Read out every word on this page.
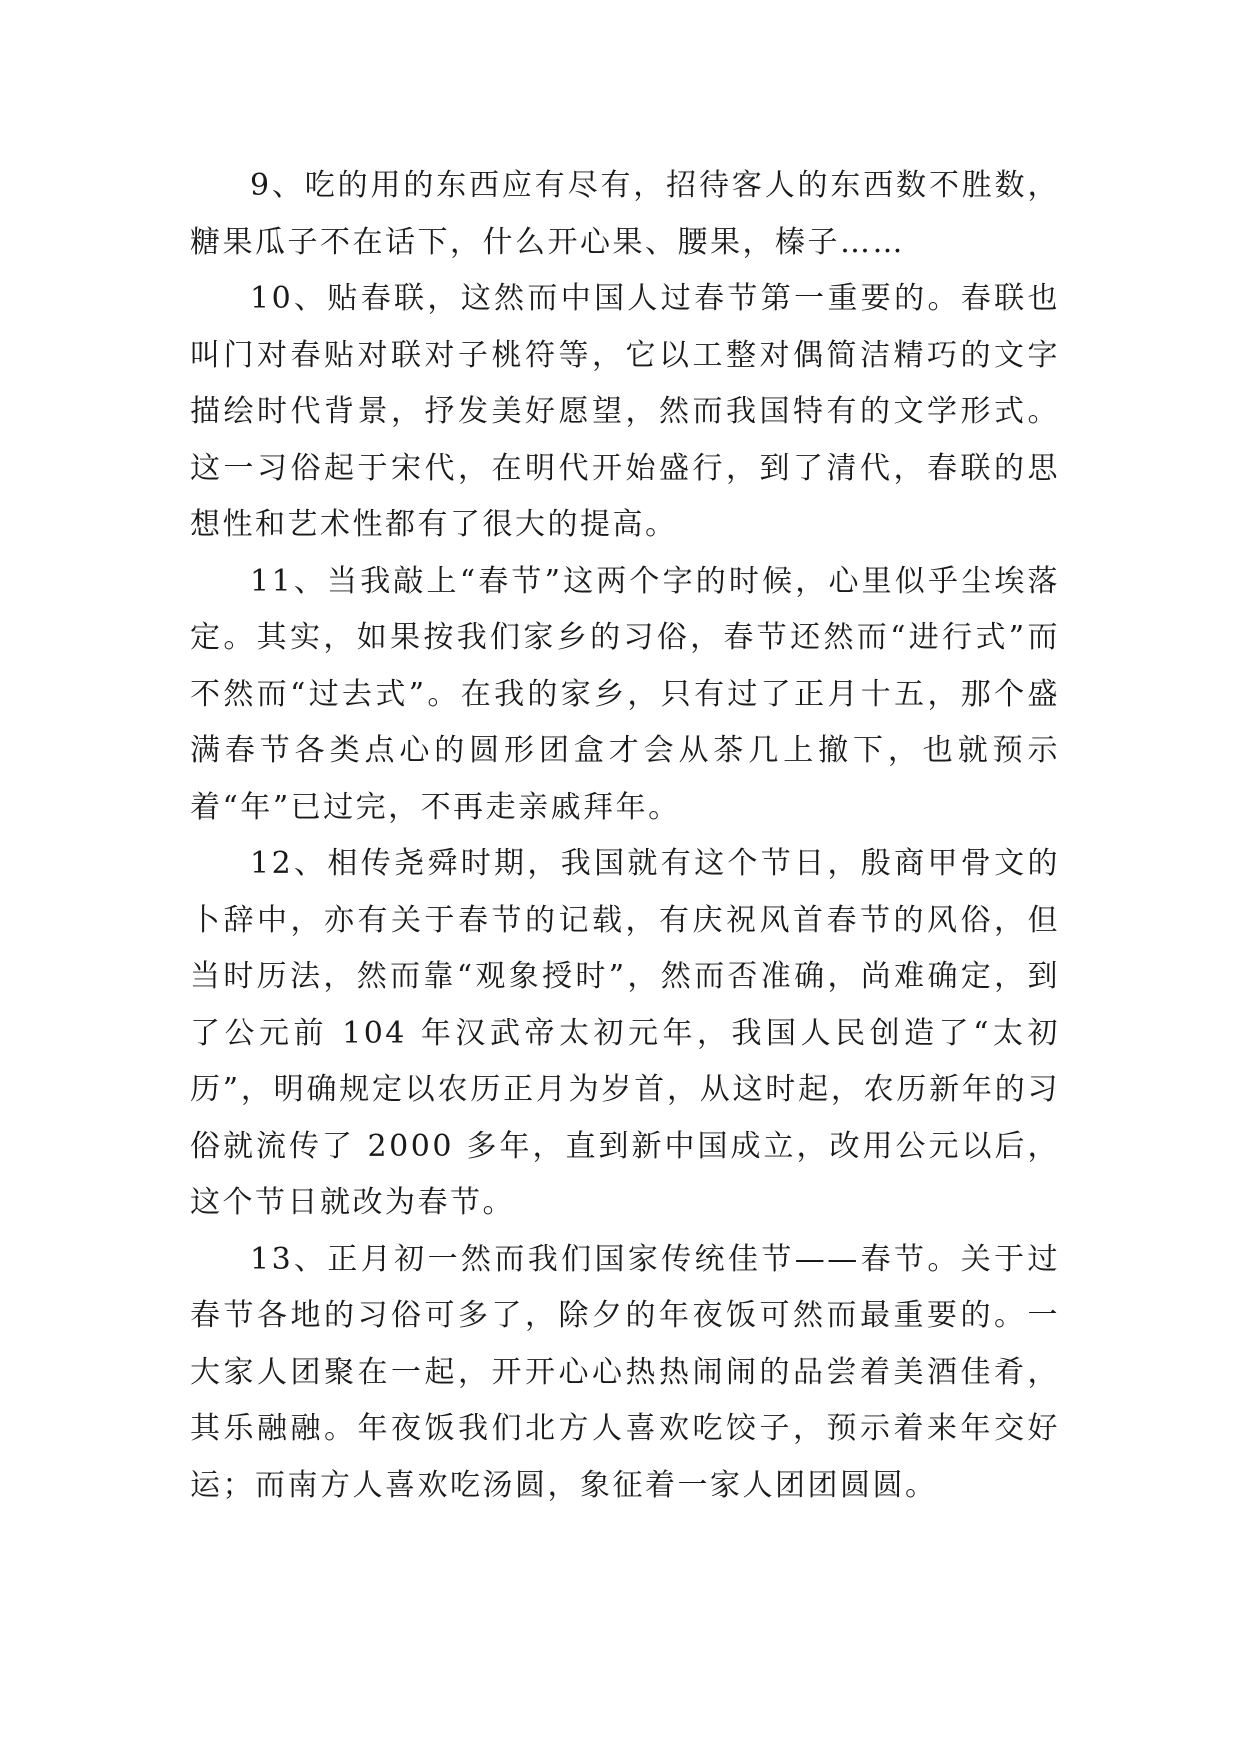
9、吃的用的东西应有尽有，招待客人的东西数不胜数，糖果瓜子不在话下，什么开心果、腰果，榛子……

10、贴春联，这然而中国人过春节第一重要的。春联也叫门对春贴对联对子桃符等，它以工整对偶简洁精巧的文字描绘时代背景，抒发美好愿望，然而我国特有的文学形式。这一习俗起于宋代，在明代开始盛行，到了清代，春联的思想性和艺术性都有了很大的提高。

11、当我敲上“春节”这两个字的时候，心里似乎尘埃落定。其实，如果按我们家乡的习俗，春节还然而“进行式”而不然而“过去式”。在我的家乡，只有过了正月十五，那个盛满春节各类点心的圆形团盒才会从茶几上撤下，也就预示着“年”已过完，不再走亲戚拜年。

12、相传尧舜时期，我国就有这个节日，殷商甲骨文的卜辞中，亦有关于春节的记载，有庆祝风首春节的风俗，但当时历法，然而靠“观象授时”，然而否准确，尚难确定，到了公元前 104 年汉武帝太初元年，我国人民创造了“太初历”，明确规定以农历正月为岁首，从这时起，农历新年的习俗就流传了 2000 多年，直到新中国成立，改用公元以后，这个节日就改为春节。

13、正月初一然而我们国家传统佳节——春节。关于过春节各地的习俗可多了，除夕的年夜饭可然而最重要的。一大家人团聚在一起，开开心心热热闹闹的品尝着美酒佳肴，其乐融融。年夜饭我们北方人喜欢吃饺子，预示着来年交好运；而南方人喜欢吃汤圆，象征着一家人团团圆圆。
